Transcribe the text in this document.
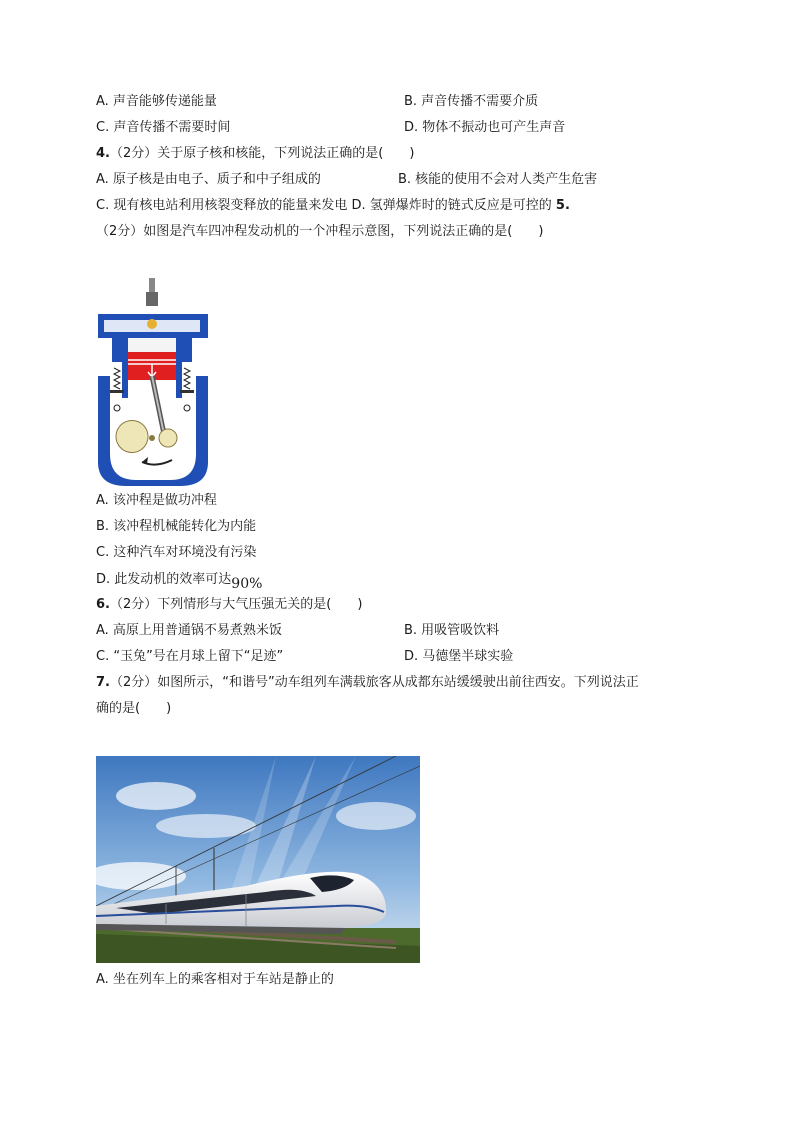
A. 声音能够传递能量	B. 声音传播不需要介质
C. 声音传播不需要时间	D. 物体不振动也可产生声音
4.（2分）关于原子核和核能，下列说法正确的是(　　)
A. 原子核是由电子、质子和中子组成的	B. 核能的使用不会对人类产生危害
C. 现有核电站利用核裂变释放的能量来发电 D. 氢弹爆炸时的链式反应是可控的 5.
（2分）如图是汽车四冲程发动机的一个冲程示意图，下列说法正确的是(　　)
A. 该冲程是做功冲程
B. 该冲程机械能转化为内能
C. 这种汽车对环境没有污染
D. 此发动机的效率可达90%
6.（2分）下列情形与大气压强无关的是(　　)
A. 高原上用普通锅不易煮熟米饭	B. 用吸管吸饮料
C. “玉兔”号在月球上留下“足迹”	D. 马德堡半球实验
7.（2分）如图所示，“和谐号”动车组列车满载旅客从成都东站缓缓驶出前往西安。下列说法正
确的是(　　)
A. 坐在列车上的乘客相对于车站是静止的
